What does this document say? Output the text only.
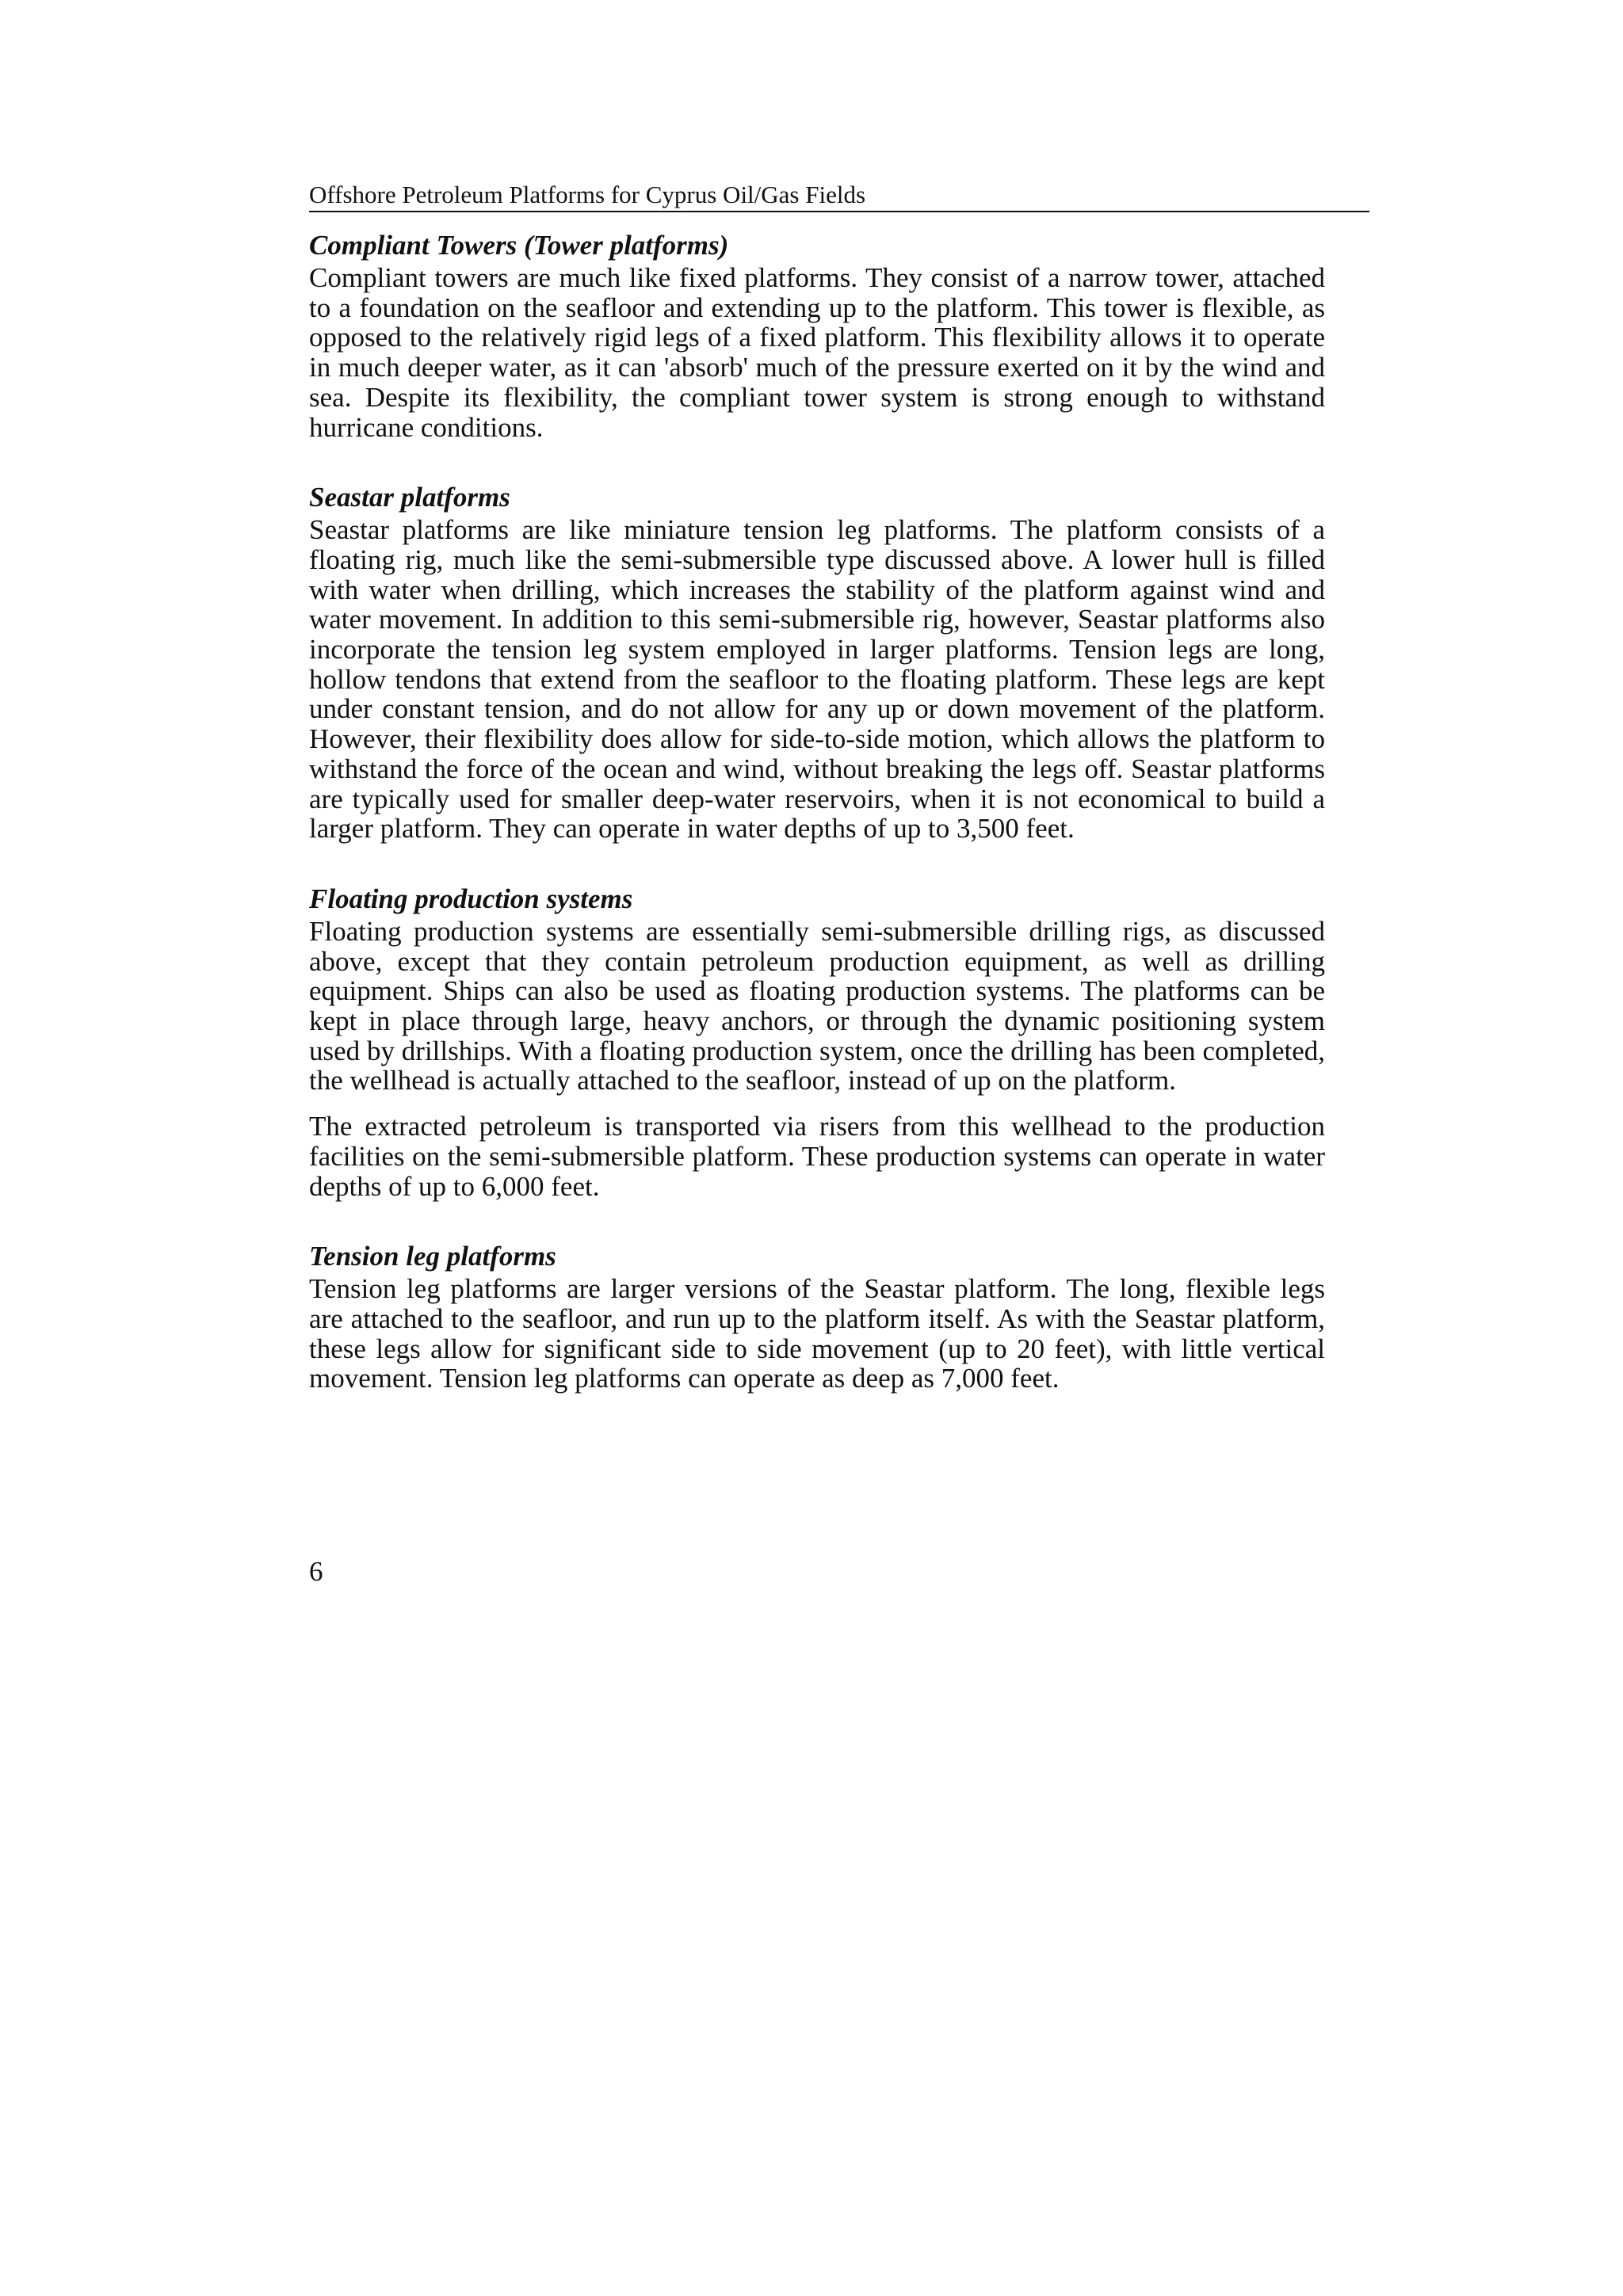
Offshore Petroleum Platforms for Cyprus Oil/Gas Fields
Compliant Towers (Tower platforms)

Compliant towers are much like fixed platforms. They consist of a narrow tower, attached to a foundation on the seafloor and extending up to the platform. This tower is flexible, as opposed to the relatively rigid legs of a fixed platform. This flexibility allows it to operate in much deeper water, as it can 'absorb' much of the pressure exerted on it by the wind and sea. Despite its flexibility, the compliant tower system is strong enough to withstand hurricane conditions.

Seastar platforms

Seastar platforms are like miniature tension leg platforms. The platform consists of a floating rig, much like the semi-submersible type discussed above. A lower hull is filled with water when drilling, which increases the stability of the platform against wind and water movement. In addition to this semi-submersible rig, however, Seastar platforms also incorporate the tension leg system employed in larger platforms. Tension legs are long, hollow tendons that extend from the seafloor to the floating platform. These legs are kept under constant tension, and do not allow for any up or down movement of the platform. However, their flexibility does allow for side-to-side motion, which allows the platform to withstand the force of the ocean and wind, without breaking the legs off. Seastar platforms are typically used for smaller deep-water reservoirs, when it is not economical to build a larger platform. They can operate in water depths of up to 3,500 feet.

Floating production systems

Floating production systems are essentially semi-submersible drilling rigs, as discussed above, except that they contain petroleum production equipment, as well as drilling equipment. Ships can also be used as floating production systems. The platforms can be kept in place through large, heavy anchors, or through the dynamic positioning system used by drillships. With a floating production system, once the drilling has been completed, the wellhead is actually attached to the seafloor, instead of up on the platform.

The extracted petroleum is transported via risers from this wellhead to the production facilities on the semi-submersible platform. These production systems can operate in water depths of up to 6,000 feet.

Tension leg platforms

Tension leg platforms are larger versions of the Seastar platform. The long, flexible legs are attached to the seafloor, and run up to the platform itself. As with the Seastar platform, these legs allow for significant side to side movement (up to 20 feet), with little vertical movement. Tension leg platforms can operate as deep as 7,000 feet.

6
